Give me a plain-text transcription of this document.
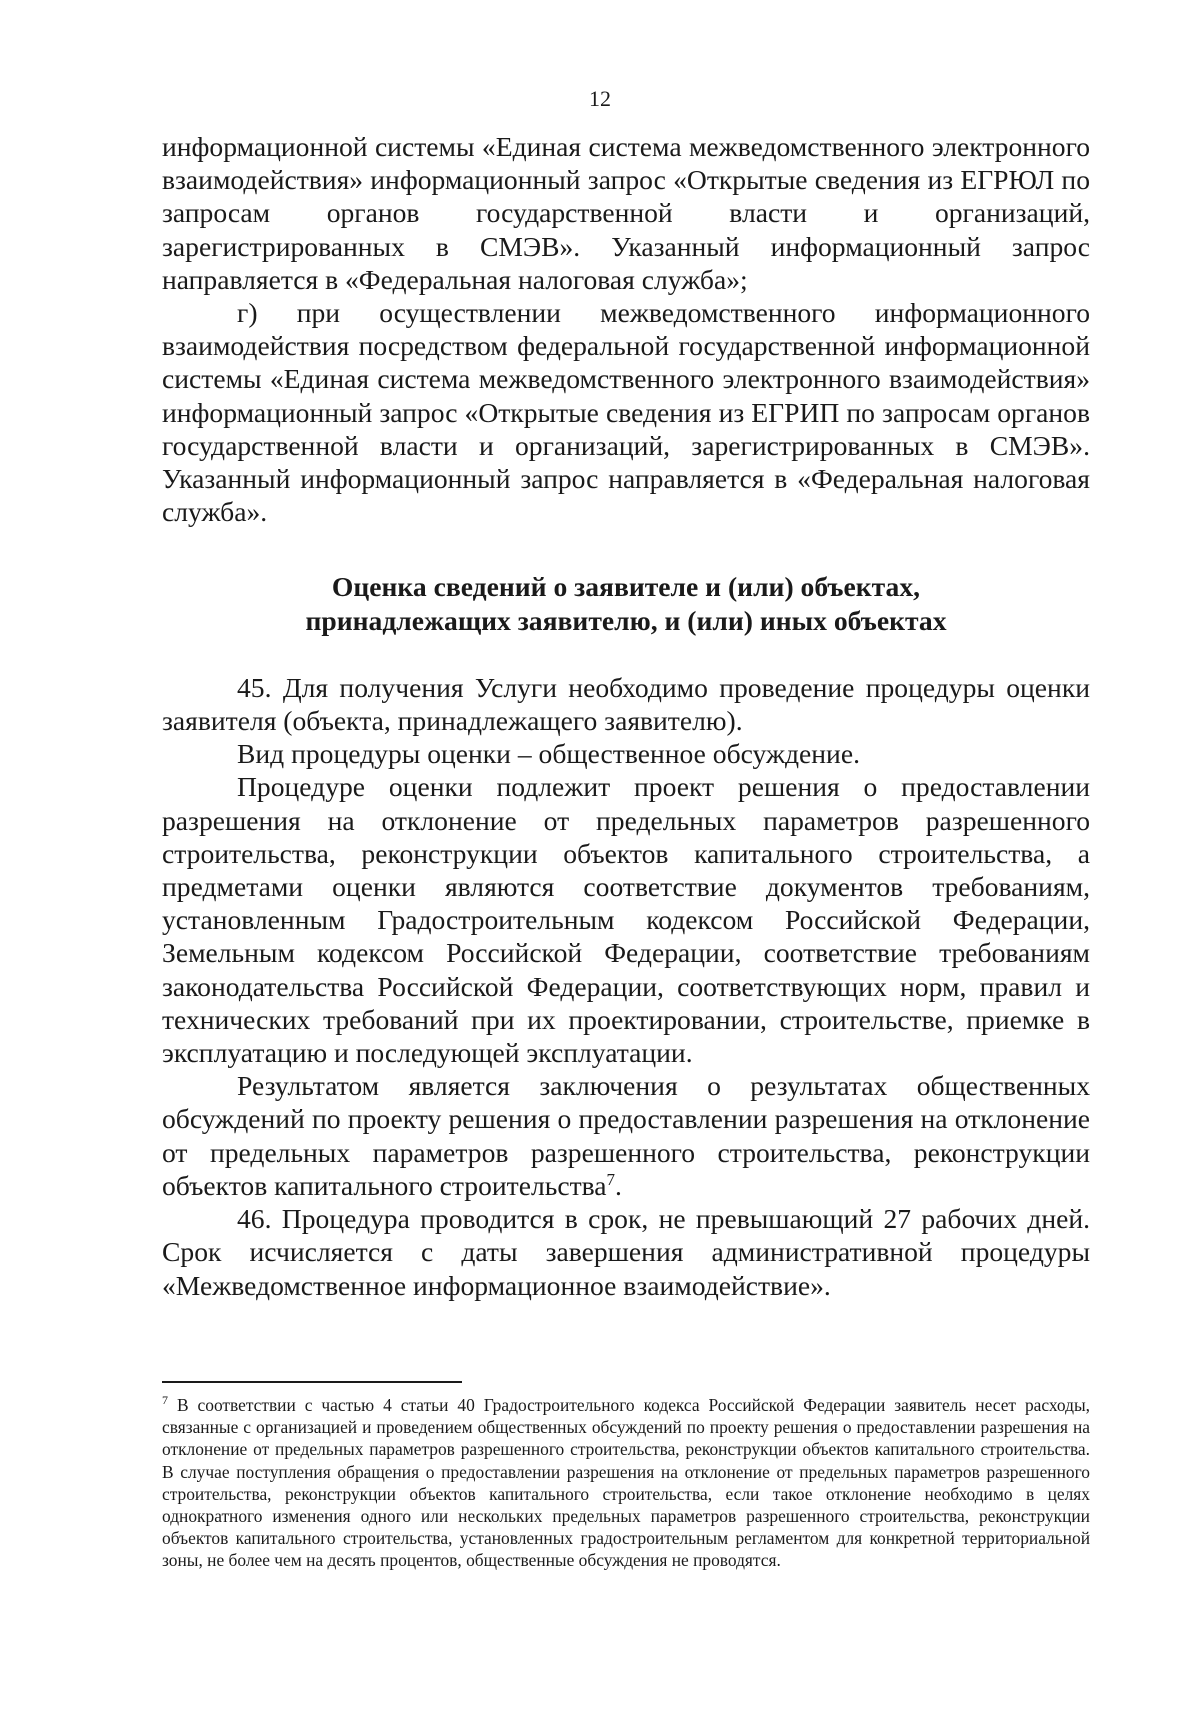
12

информационной системы «Единая система межведомственного электронного взаимодействия» информационный запрос «Открытые сведения из ЕГРЮЛ по запросам органов государственной власти и организаций, зарегистрированных в СМЭВ». Указанный информационный запрос направляется в «Федеральная налоговая служба»;

г) при осуществлении межведомственного информационного взаимодействия посредством федеральной государственной информационной системы «Единая система межведомственного электронного взаимодействия» информационный запрос «Открытые сведения из ЕГРИП по запросам органов государственной власти и организаций, зарегистрированных в СМЭВ». Указанный информационный запрос направляется в «Федеральная налоговая служба».

Оценка сведений о заявителе и (или) объектах,
принадлежащих заявителю, и (или) иных объектах

45. Для получения Услуги необходимо проведение процедуры оценки заявителя (объекта, принадлежащего заявителю).

Вид процедуры оценки – общественное обсуждение.

Процедуре оценки подлежит проект решения о предоставлении разрешения на отклонение от предельных параметров разрешенного строительства, реконструкции объектов капитального строительства, а предметами оценки являются соответствие документов требованиям, установленным Градостроительным кодексом Российской Федерации, Земельным кодексом Российской Федерации, соответствие требованиям законодательства Российской Федерации, соответствующих норм, правил и технических требований при их проектировании, строительстве, приемке в эксплуатацию и последующей эксплуатации.

Результатом является заключения о результатах общественных обсуждений по проекту решения о предоставлении разрешения на отклонение от предельных параметров разрешенного строительства, реконструкции объектов капитального строительства$^7$.

46. Процедура проводится в срок, не превышающий 27 рабочих дней. Срок исчисляется с даты завершения административной процедуры «Межведомственное информационное взаимодействие».

$^7$ В соответствии с частью 4 статьи 40 Градостроительного кодекса Российской Федерации заявитель несет расходы, связанные с организацией и проведением общественных обсуждений по проекту решения о предоставлении разрешения на отклонение от предельных параметров разрешенного строительства, реконструкции объектов капитального строительства. В случае поступления обращения о предоставлении разрешения на отклонение от предельных параметров разрешенного строительства, реконструкции объектов капитального строительства, если такое отклонение необходимо в целях однократного изменения одного или нескольких предельных параметров разрешенного строительства, реконструкции объектов капитального строительства, установленных градостроительным регламентом для конкретной территориальной зоны, не более чем на десять процентов, общественные обсуждения не проводятся.
